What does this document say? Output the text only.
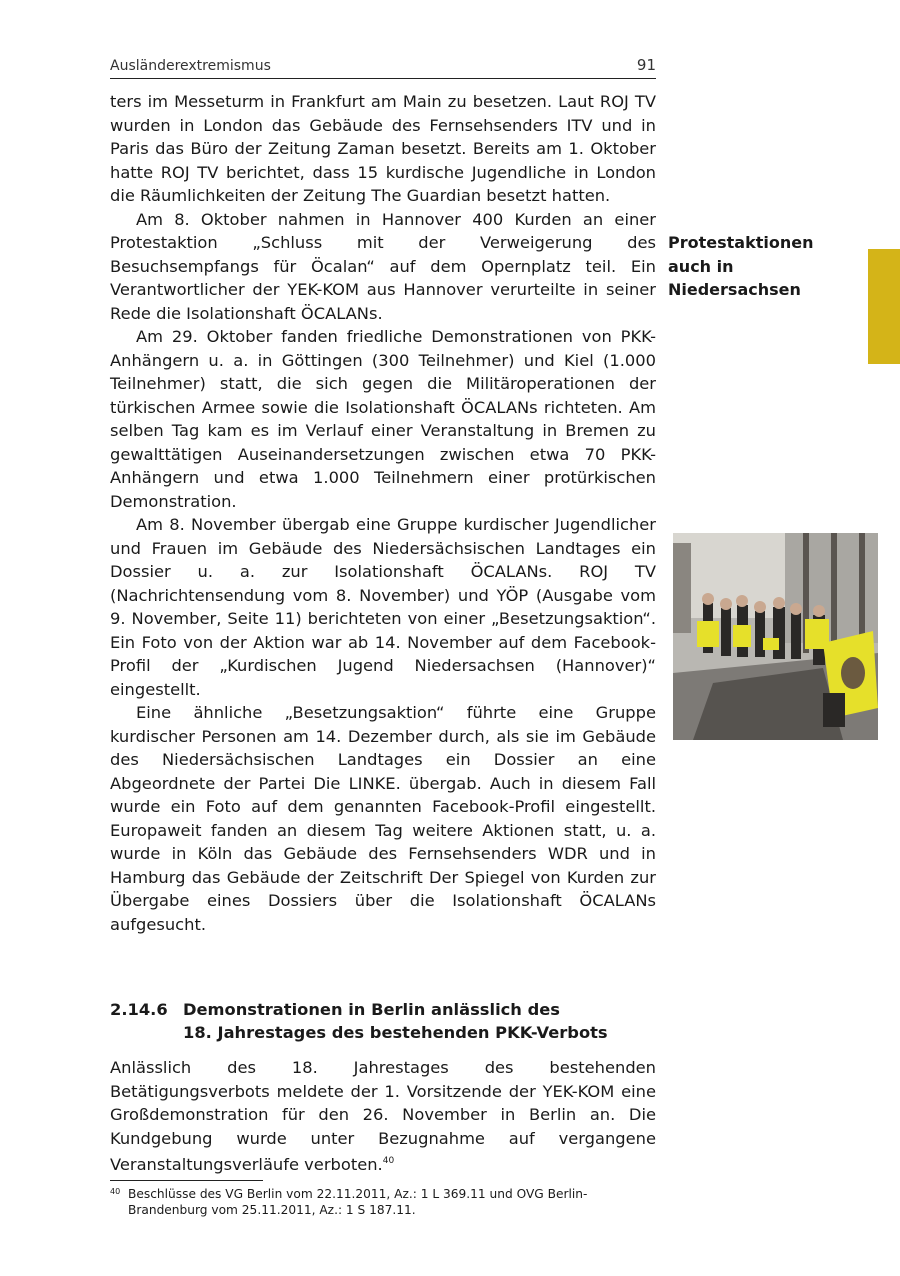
Ausländerextremismus	91

ters im Messeturm in Frankfurt am Main zu besetzen. Laut ROJ TV wurden in London das Gebäude des Fernsehsenders ITV und in Paris das Büro der Zeitung Zaman besetzt. Bereits am 1. Oktober hatte ROJ TV berichtet, dass 15 kurdische Jugendliche in London die Räumlichkeiten der Zeitung The Guardian besetzt hatten.

Am 8. Oktober nahmen in Hannover 400 Kurden an einer Protestaktion „Schluss mit der Verweigerung des Besuchsempfangs für Öcalan“ auf dem Opernplatz teil. Ein Verantwortlicher der YEK-KOM aus Hannover verurteilte in seiner Rede die Isolationshaft ÖCALANs.

Am 29. Oktober fanden friedliche Demonstrationen von PKK-Anhängern u. a. in Göttingen (300 Teilnehmer) und Kiel (1.000 Teilnehmer) statt, die sich gegen die Militäroperationen der türkischen Armee sowie die Isolationshaft ÖCALANs richteten. Am selben Tag kam es im Verlauf einer Veranstaltung in Bremen zu gewalttätigen Auseinandersetzungen zwischen etwa 70 PKK-Anhängern und etwa 1.000 Teilnehmern einer protürkischen Demonstration.

Am 8. November übergab eine Gruppe kurdischer Jugendlicher und Frauen im Gebäude des Niedersächsischen Landtages ein Dossier u. a. zur Isolationshaft ÖCALANs. ROJ TV (Nachrichtensendung vom 8. November) und YÖP (Ausgabe vom 9. November, Seite 11) berichteten von einer „Besetzungsaktion“. Ein Foto von der Aktion war ab 14. November auf dem Facebook-Profil der „Kurdischen Jugend Niedersachsen (Hannover)“ eingestellt.

Eine ähnliche „Besetzungsaktion“ führte eine Gruppe kurdischer Personen am 14. Dezember durch, als sie im Gebäude des Niedersächsischen Landtages ein Dossier an eine Abgeordnete der Partei Die LINKE. übergab. Auch in diesem Fall wurde ein Foto auf dem genannten Facebook-Profil eingestellt. Europaweit fanden an diesem Tag weitere Aktionen statt, u. a. wurde in Köln das Gebäude des Fernsehsenders WDR und in Hamburg das Gebäude der Zeitschrift Der Spiegel von Kurden zur Übergabe eines Dossiers über die Isolationshaft ÖCALANs aufgesucht.

Protestaktionen
auch in
Niedersachsen
2.14.6 Demonstrationen in Berlin anlässlich des
18. Jahrestages des bestehenden PKK-Verbots
Anlässlich des 18. Jahrestages des bestehenden Betätigungsverbots meldete der 1. Vorsitzende der YEK-KOM eine Großdemonstration für den 26. November in Berlin an. Die Kundgebung wurde unter Bezugnahme auf vergangene Veranstaltungsverläufe verboten.$^{40}$
40 Beschlüsse des VG Berlin vom 22.11.2011, Az.: 1 L 369.11 und OVG Berlin-Brandenburg vom 25.11.2011, Az.: 1 S 187.11.
